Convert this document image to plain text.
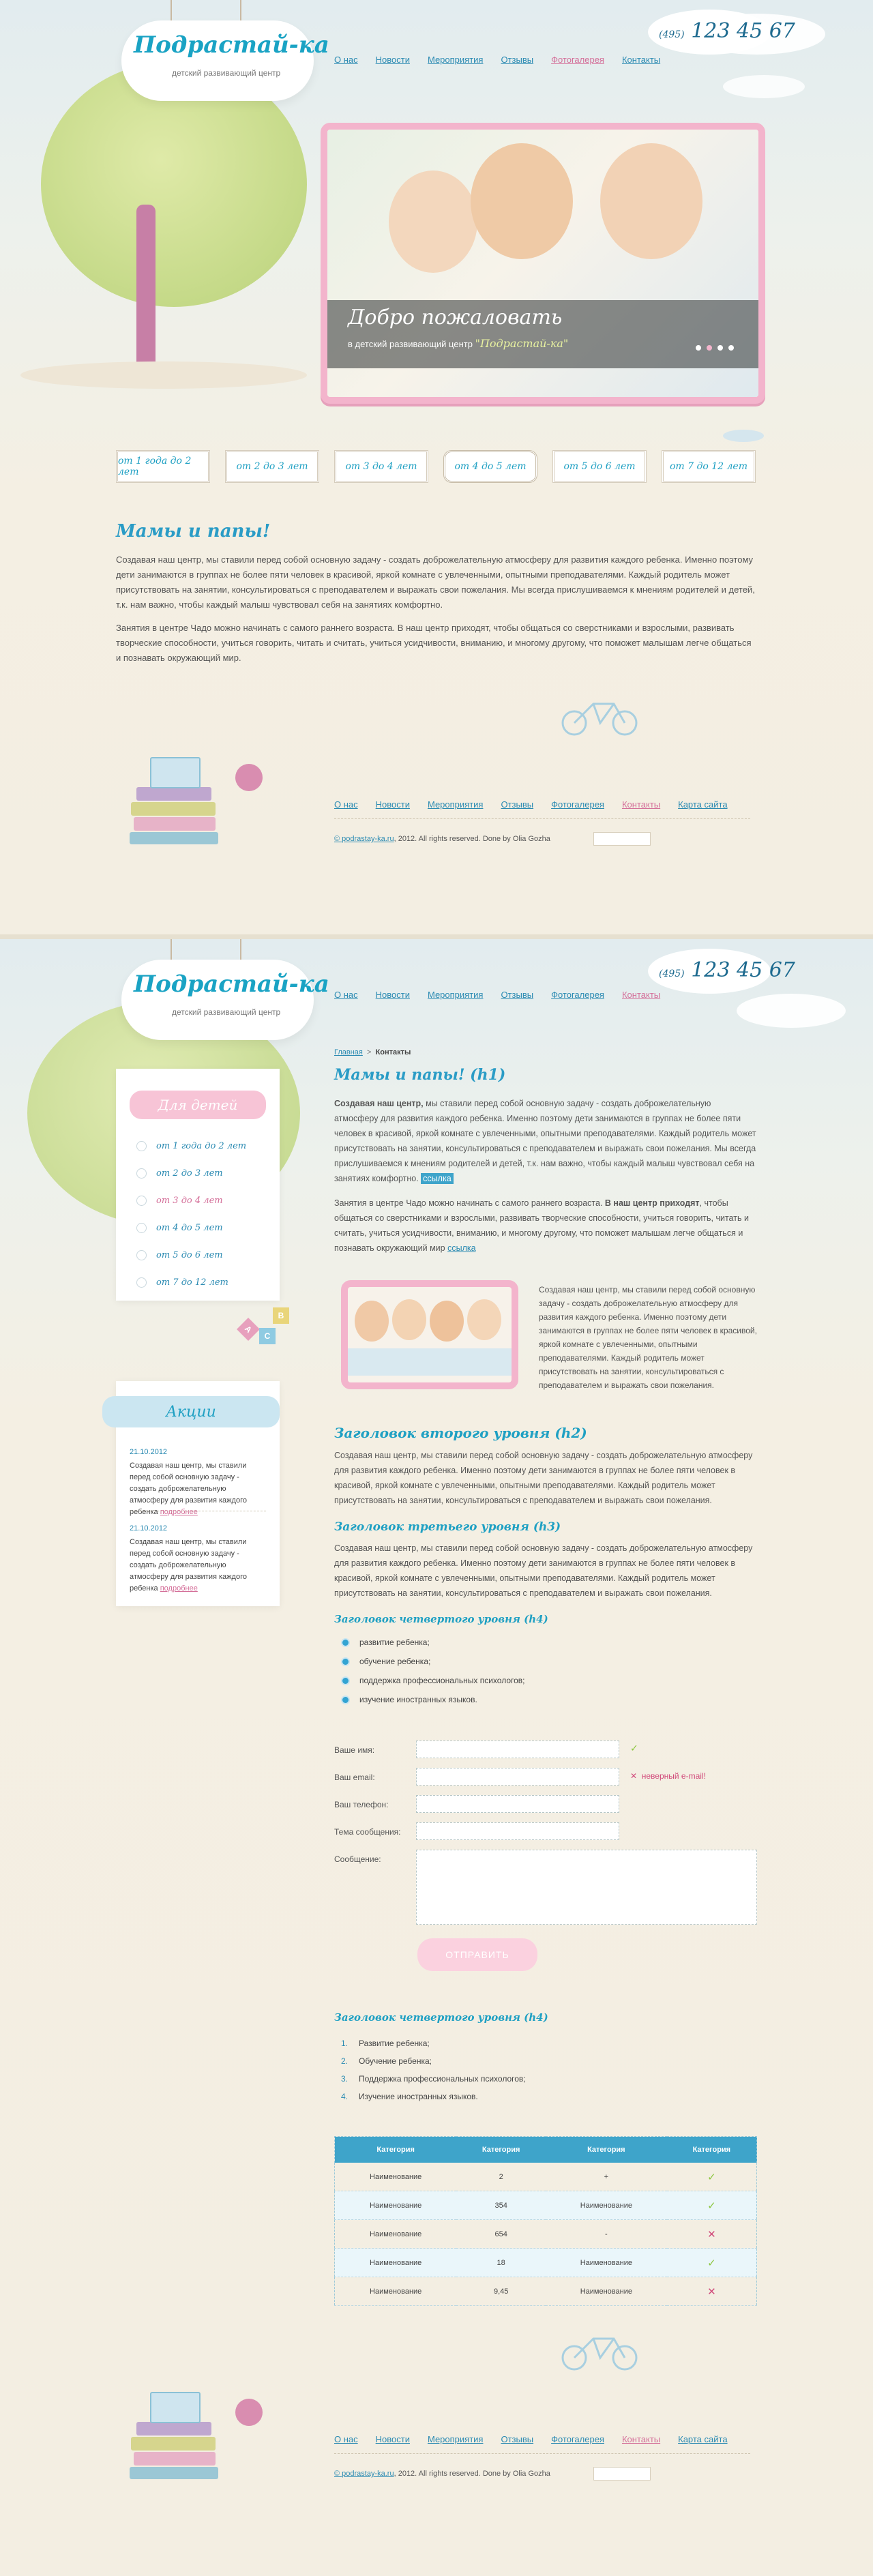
Подрастай-ка
детский развивающий центр
О нас Новости Мероприятия Отзывы Фотогалерея Контакты
(495) 123 45 67
Добро пожаловать
в детский развивающий центр "Подрастай-ка"
от 1 года до 2 лет	от 2 до 3 лет	от 3 до 4 лет	от 4 до 5 лет	от 5 до 6 лет	от 7 до 12 лет
Мамы и папы!

Создавая наш центр, мы ставили перед собой основную задачу - создать доброжелательную атмосферу для развития каждого ребенка. Именно поэтому дети занимаются в группах не более пяти человек в красивой, яркой комнате с увлеченными, опытными преподавателями. Каждый родитель может присутствовать на занятии, консультироваться с преподавателем и выражать свои пожелания. Мы всегда прислушиваемся к мнениям родителей и детей, т.к. нам важно, чтобы каждый малыш чувствовал себя на занятиях комфортно.

Занятия в центре Чадо можно начинать с самого раннего возраста. В наш центр приходят, чтобы общаться со сверстниками и взрослыми, развивать творческие способности, учиться говорить, читать и считать, учиться усидчивости, вниманию, и многому другому, что поможет малышам легче общаться и познавать окружающий мир.

О нас Новости Мероприятия Отзывы Фотогалерея Контакты Карта сайта
© podrastay-ka.ru, 2012. All rights reserved. Done by Olia Gozha
Подрастай-ка
детский развивающий центр
О нас Новости Мероприятия Отзывы Фотогалерея Контакты
(495) 123 45 67
Для детей
от 1 года до 2 лет
от 2 до 3 лет
от 3 до 4 лет
от 4 до 5 лет
от 5 до 6 лет
от 7 до 12 лет
A
B
C
Акции
21.10.2012

Создавая наш центр, мы ставили перед собой основную задачу - создать доброжелательную атмосферу для развития каждого ребенка подробнее

21.10.2012

Создавая наш центр, мы ставили перед собой основную задачу - создать доброжелательную атмосферу для развития каждого ребенка подробнее

Главная > Контакты
Мамы и папы! (h1)

Создавая наш центр, мы ставили перед собой основную задачу - создать доброжелательную атмосферу для развития каждого ребенка. Именно поэтому дети занимаются в группах не более пяти человек в красивой, яркой комнате с увлеченными, опытными преподавателями. Каждый родитель может присутствовать на занятии, консультироваться с преподавателем и выражать свои пожелания. Мы всегда прислушиваемся к мнениям родителей и детей, т.к. нам важно, чтобы каждый малыш чувствовал себя на занятиях комфортно. ссылка

Занятия в центре Чадо можно начинать с самого раннего возраста. В наш центр приходят, чтобы общаться со сверстниками и взрослыми, развивать творческие способности, учиться говорить, читать и считать, учиться усидчивости, вниманию, и многому другому, что поможет малышам легче общаться и познавать окружающий мир ссылка

Создавая наш центр, мы ставили перед собой основную задачу - создать доброжелательную атмосферу для развития каждого ребенка. Именно поэтому дети занимаются в группах не более пяти человек в красивой, яркой комнате с увлеченными, опытными преподавателями. Каждый родитель может присутствовать на занятии, консультироваться с преподавателем и выражать свои пожелания.

Заголовок второго уровня (h2)

Создавая наш центр, мы ставили перед собой основную задачу - создать доброжелательную атмосферу для развития каждого ребенка. Именно поэтому дети занимаются в группах не более пяти человек в красивой, яркой комнате с увлеченными, опытными преподавателями. Каждый родитель может присутствовать на занятии, консультироваться с преподавателем и выражать свои пожелания.

Заголовок третьего уровня (h3)

Создавая наш центр, мы ставили перед собой основную задачу - создать доброжелательную атмосферу для развития каждого ребенка. Именно поэтому дети занимаются в группах не более пяти человек в красивой, яркой комнате с увлеченными, опытными преподавателями. Каждый родитель может присутствовать на занятии, консультироваться с преподавателем и выражать свои пожелания.

Заголовок четвертого уровня (h4)
развитие ребенка;
обучение ребенка;
поддержка профессиональных психологов;
изучение иностранных языков.
Ваше имя:	✓
Ваш email:	✕  неверный e-mail!
Ваш телефон:
Тема сообщения:
Сообщение:
ОТПРАВИТЬ
Заголовок четвертого уровня (h4)
1. Развитие ребенка;
2. Обучение ребенка;
3. Поддержка профессиональных психологов;
4. Изучение иностранных языков.
Категория	Категория	Категория	Категория
Наименование	2	+	✓
Наименование	354	Наименование	✓
Наименование	654	-	✕
Наименование	18	Наименование	✓
Наименование	9,45	Наименование	✕
О нас Новости Мероприятия Отзывы Фотогалерея Контакты Карта сайта
© podrastay-ka.ru, 2012. All rights reserved. Done by Olia Gozha
